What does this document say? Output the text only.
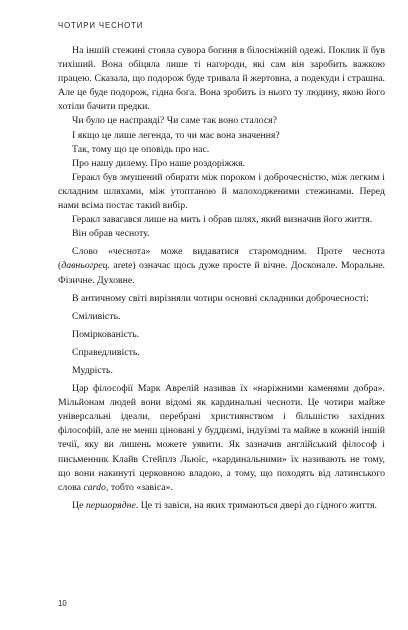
ЧОТИРИ ЧЕСНОТИ

На іншій стежині стояла сувора богиня в білосніжній одежі. Поклик її був тихіший. Вона обіцяла лише ті нагороди, які сам він заробить важкою працею. Сказала, що подорож буде тривала й жертовна, а подекуди і страшна. Але це буде подорож, гідна бога. Вона зробить із нього ту людину, якою його хотіли бачити предки.

Чи було це насправді? Чи саме так воно сталося?

І якщо це лише легенда, то чи має вона значення?

Так, тому що це оповідь про нас.

Про нашу дилему. Про наше роздоріжжя.

Геракл був змушений обирати між пороком і доброчесністю, між легким і складним шляхами, між утоптаною й малоходженими стежинами. Перед нами всіма постає такий вибір.

Геракл завагався лише на мить і обрав шлях, який визначив його життя.

Він обрав чесноту.

Слово «чеснота» може видаватися старомодним. Проте чеснота (давньогрец. arete) означає щось дуже просте й вічне. Досконале. Моральне. Фізичне. Духовне.

В античному світі вирізняли чотири основні складники доброчесності:

Сміливість.

Поміркованість.

Справедливість.

Мудрість.

Цар філософії Марк Аврелій називав їх «наріжними каменями добра». Мільйонам людей вони відомі як кардинальні чесноти. Це чотири майже універсальні ідеали, перебрані християнством і більшістю західних філософій, але не менш цiновані у буддизмі, індуїзмі та майже в кожній іншій течії, яку ви лишень можете уявити. Як зазначив англійський філософ і письменник Клайв Стейплз Льюїс, «кардинальними» їх називають не тому, що вони накинуті церковною владою, а тому, що походять від латинського слова cardo, тобто «завіса».

Це першорядне. Це ті завіси, на яких тримаються двері до гідного життя.

10
